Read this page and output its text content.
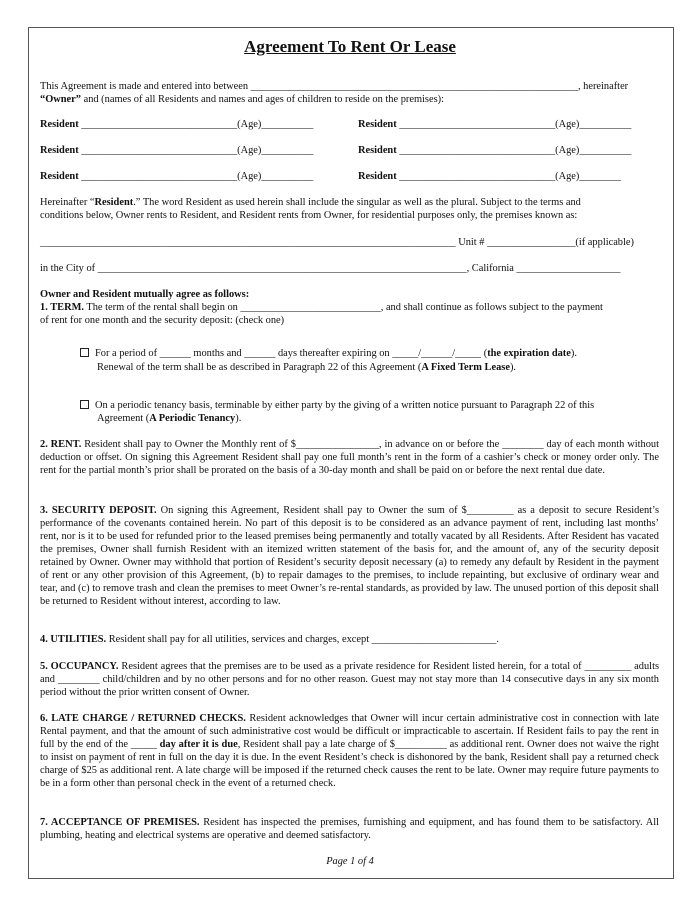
Agreement To Rent Or Lease
This Agreement is made and entered into between _______________________________________________________________, hereinafter
“Owner” and (names of all Residents and names and ages of children to reside on the premises):
Resident ______________________________(Age)__________	Resident ______________________________(Age)__________
Resident ______________________________(Age)__________	Resident ______________________________(Age)__________
Resident ______________________________(Age)__________	Resident ______________________________(Age)________
Hereinafter “Resident.” The word Resident as used herein shall include the singular as well as the plural. Subject to the terms and
conditions below, Owner rents to Resident, and Resident rents from Owner, for residential purposes only, the premises known as:
________________________________________________________________________________ Unit # _________________(if applicable)
in the City of _______________________________________________________________________, California ____________________
Owner and Resident mutually agree as follows:
1. TERM. The term of the rental shall begin on ___________________________, and shall continue as follows subject to the payment
of rent for one month and the security deposit: (check one)
For a period of ______ months and ______ days thereafter expiring on _____/______/_____ (the expiration date).
Renewal of the term shall be as described in Paragraph 22 of this Agreement (A Fixed Term Lease).
On a periodic tenancy basis, terminable by either party by the giving of a written notice pursuant to Paragraph 22 of this
Agreement (A Periodic Tenancy).

2. RENT. Resident shall pay to Owner the Monthly rent of $________________, in advance on or before the ________ day of each month without deduction or offset. On signing this Agreement Resident shall pay one full month’s rent in the form of a cashier’s check or money order only. The rent for the partial month’s prior shall be prorated on the basis of a 30-day month and shall be paid on or before the next rental due date.

3. SECURITY DEPOSIT. On signing this Agreement, Resident shall pay to Owner the sum of $_________ as a deposit to secure Resident’s performance of the covenants contained herein. No part of this deposit is to be considered as an advance payment of rent, including last months’ rent, nor is it to be used for refunded prior to the leased premises being permanently and totally vacated by all Residents. After Resident has vacated the premises, Owner shall furnish Resident with an itemized written statement of the basis for, and the amount of, any of the security deposit retained by Owner. Owner may withhold that portion of Resident’s security deposit necessary (a) to remedy any default by Resident in the payment of rent or any other provision of this Agreement, (b) to repair damages to the premises, to include repainting, but exclusive of ordinary wear and tear, and (c) to remove trash and clean the premises to meet Owner’s re-rental standards, as provided by law. The unused portion of this deposit shall be returned to Resident without interest, according to law.

4. UTILITIES. Resident shall pay for all utilities, services and charges, except ________________________.

5. OCCUPANCY. Resident agrees that the premises are to be used as a private residence for Resident listed herein, for a total of _________ adults and ________ child/children and by no other persons and for no other reason. Guest may not stay more than 14 consecutive days in any six month period without the prior written consent of Owner.

6. LATE CHARGE / RETURNED CHECKS. Resident acknowledges that Owner will incur certain administrative cost in connection with late Rental payment, and that the amount of such administrative cost would be difficult or impracticable to ascertain. If Resident fails to pay the rent in full by the end of the _____ day after it is due, Resident shall pay a late charge of $__________ as additional rent. Owner does not waive the right to insist on payment of rent in full on the day it is due. In the event Resident’s check is dishonored by the bank, Resident shall pay a returned check charge of $25 as additional rent. A late charge will be imposed if the returned check causes the rent to be late. Owner may require future payments to be in a form other than personal check in the event of a returned check.

7. ACCEPTANCE OF PREMISES. Resident has inspected the premises, furnishing and equipment, and has found them to be satisfactory. All plumbing, heating and electrical systems are operative and deemed satisfactory.

Page 1 of 4
